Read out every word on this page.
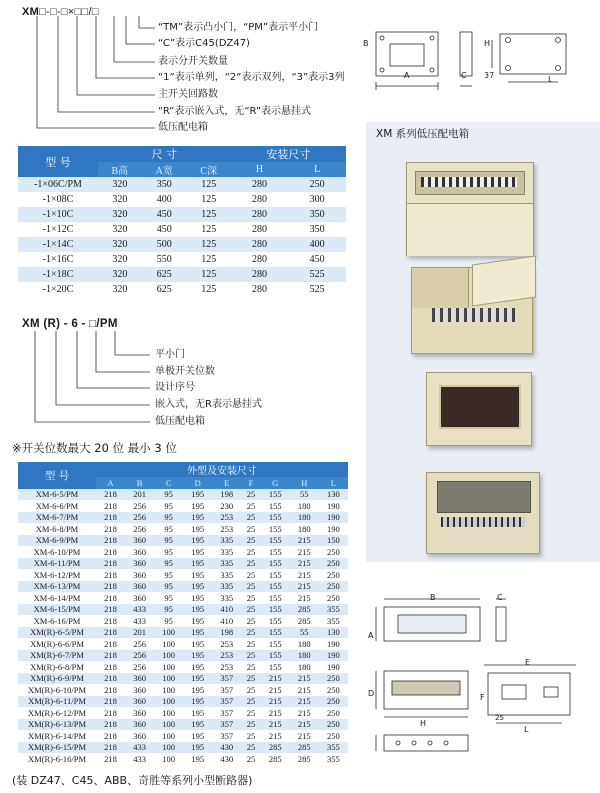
XM□-□-□×□□/□
“TM”表示凸小门，“PM”表示平小门
“C”表示C45(DZ47)
表示分开关数量
“1”表示单列，“2”表示双列，“3”表示3列
主开关回路数
“R”表示嵌入式，无“R”表示悬挂式
低压配电箱
A	C 37
B	H
L
型 号	尺 寸			安装尺寸	
	B高	A宽	C深	H	L
-1×06C/PM	320	350	125	280	250
-1×08C	320	400	125	280	300
-1×10C	320	450	125	280	350
-1×12C	320	450	125	280	350
-1×14C	320	500	125	280	400
-1×16C	320	550	125	280	450
-1×18C	320	625	125	280	525
-1×20C	320	625	125	280	525
XM 系列低压配电箱
XM (R) - 6 - □/PM
平小门
单极开关位数
设计序号
嵌入式，无R表示悬挂式
低压配电箱
※开关位数最大 20 位 最小 3 位
型 号	外型及安装尺寸								
	A	B	C	D	E	F	G	H	L
XM-6-5/PM	218	201	95	195	198	25	155	55	130
XM-6-6/PM	218	256	95	195	230	25	155	180	190
XM-6-7/PM	218	256	95	195	253	25	155	180	190
XM-6-8/PM	218	256	95	195	253	25	155	180	190
XM-6-9/PM	218	360	95	195	335	25	155	215	150
XM-6-10/PM	218	360	95	195	335	25	155	215	250
XM-6-11/PM	218	360	95	195	335	25	155	215	250
XM-6-12/PM	218	360	95	195	335	25	155	215	250
XM-6-13/PM	218	360	95	195	335	25	155	215	250
XM-6-14/PM	218	360	95	195	335	25	155	215	250
XM-6-15/PM	218	433	95	195	410	25	155	285	355
XM-6-16/PM	218	433	95	195	410	25	155	285	355
XM(R)-6-5/PM	218	201	100	195	198	25	155	55	130
XM(R)-6-6/PM	218	256	100	195	253	25	155	180	190
XM(R)-6-7/PM	218	256	100	195	253	25	155	180	190
XM(R)-6-8/PM	218	256	100	195	253	25	155	180	190
XM(R)-6-9/PM	218	360	100	195	357	25	215	215	250
XM(R)-6-10/PM	218	360	100	195	357	25	215	215	250
XM(R)-6-11/PM	218	360	100	195	357	25	215	215	250
XM(R)-6-12/PM	218	360	100	195	357	25	215	215	250
XM(R)-6-13/PM	218	360	100	195	357	25	215	215	250
XM(R)-6-14/PM	218	360	100	195	357	25	215	215	250
XM(R)-6-15/PM	218	433	100	195	430	25	285	285	355
XM(R)-6-16/PM	218	433	100	195	430	25	285	285	355
B	C
A
E
D	F
H
L
25
(装 DZ47、C45、ABB、奇胜等系列小型断路器)
